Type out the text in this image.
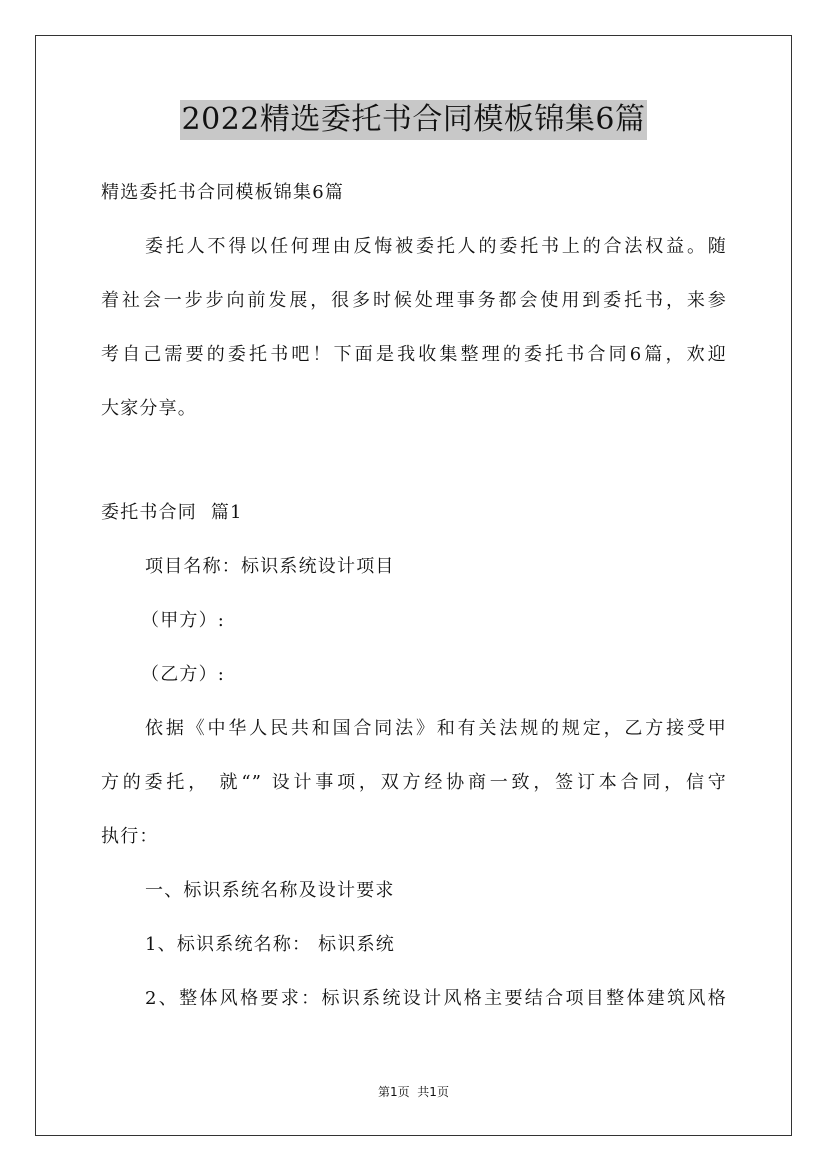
2022精选委托书合同模板锦集6篇
精选委托书合同模板锦集6篇
委托人不得以任何理由反悔被委托人的委托书上的合法权益。随
着社会一步步向前发展，很多时候处理事务都会使用到委托书，来参
考自己需要的委托书吧！下面是我收集整理的委托书合同6篇，欢迎
大家分享。
委托书合同  篇1
项目名称：标识系统设计项目
（甲方）:
（乙方）:
依据《中华人民共和国合同法》和有关法规的规定，乙方接受甲
方的委托， 就“” 设计事项，双方经协商一致，签订本合同，信守
执行：
一、标识系统名称及设计要求
1、标识系统名称： 标识系统
2、整体风格要求：标识系统设计风格主要结合项目整体建筑风格
第1页  共1页
